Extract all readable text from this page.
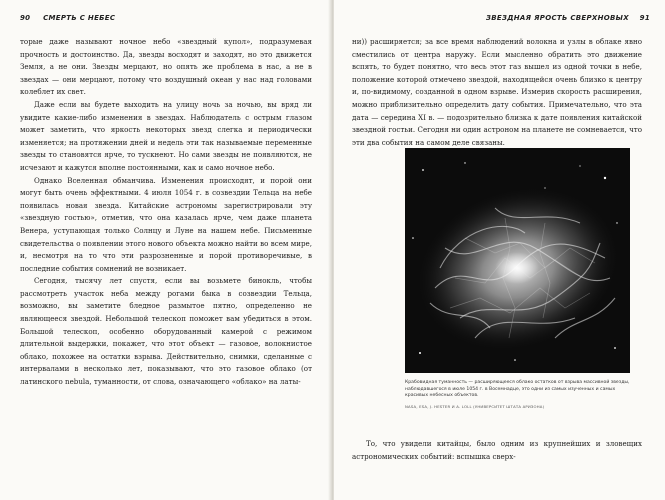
90 СМЕРТЬ С НЕБЕС

торые даже называют ночное небо «звездный купол», подразумевая прочность и достоинство. Да, звезды восходят и заходят, но это движется Земля, а не они. Звезды мерцают, но опять же проблема в нас, а не в звездах — они мерцают, потому что воздушный океан у нас над головами колеблет их свет.

Даже если вы будете выходить на улицу ночь за ночью, вы вряд ли увидите какие-либо изменения в звездах. Наблюдатель с острым глазом может заметить, что яркость некоторых звезд слегка и периодически изменяется; на протяжении дней и недель эти так называемые переменные звезды то становятся ярче, то тускнеют. Но сами звезды не появляются, не исчезают и кажутся вполне постоянными, как и само ночное небо.

Однако Вселенная обманчива. Изменения происходят, и порой они могут быть очень эффектными. 4 июля 1054 г. в созвездии Тельца на небе появилась новая звезда. Китайские астрономы зарегистрировали эту «звездную гостью», отметив, что она казалась ярче, чем даже планета Венера, уступающая только Солнцу и Луне на нашем небе. Письменные свидетельства о появлении этого нового объекта можно найти во всем мире, и, несмотря на то что эти разрозненные и порой противоречивые, в последние события сомнений не возникает.

Сегодня, тысячу лет спустя, если вы возьмете бинокль, чтобы рассмотреть участок неба между рогами быка в созвездии Тельца, возможно, вы заметите бледное размытое пятно, определенно не являющееся звездой. Небольшой телескоп поможет вам убедиться в этом. Большой телескоп, особенно оборудованный камерой с режимом длительной выдержки, покажет, что этот объект — газовое, волокнистое облако, похожее на остатки взрыва. Действительно, снимки, сделанные с интервалами в несколько лет, показывают, что это газовое облако (от латинского nebula, туманности, от слова, означающего «облако» на латы-

ЗВЕЗДНАЯ ЯРОСТЬ СВЕРХНОВЫХ 91

ни)) расширяется; за все время наблюдений волокна и узлы в облаке явно сместились от центра наружу. Если мысленно обратить это движение вспять, то будет понятно, что весь этот газ вышел из одной точки в небе, положение которой отмечено звездой, находящейся очень близко к центру и, по-видимому, созданной в одном взрыве. Измерив скорость расширения, можно приблизительно определить дату события. Примечательно, что эта дата — середина XI в. — подозрительно близка к дате появления китайской звездной гостьи. Сегодня ни один астроном на планете не сомневается, что эти два события на самом деле связаны.

Крабовидная туманность — расширяющееся облако остатков от взрыва массивной звезды, наблюдавшегося в июле 1054 г. в Восемнадце, это одни из самых изученных и самых красивых небесных объектов.
NASA, ESA, J. HESTER И A. LOLL (УНИВЕРСИТЕТ ШТАТА АРИЗОНА)

То, что увидели китайцы, было одним из крупнейших и зловещих астрономических событий: вспышка сверх-
